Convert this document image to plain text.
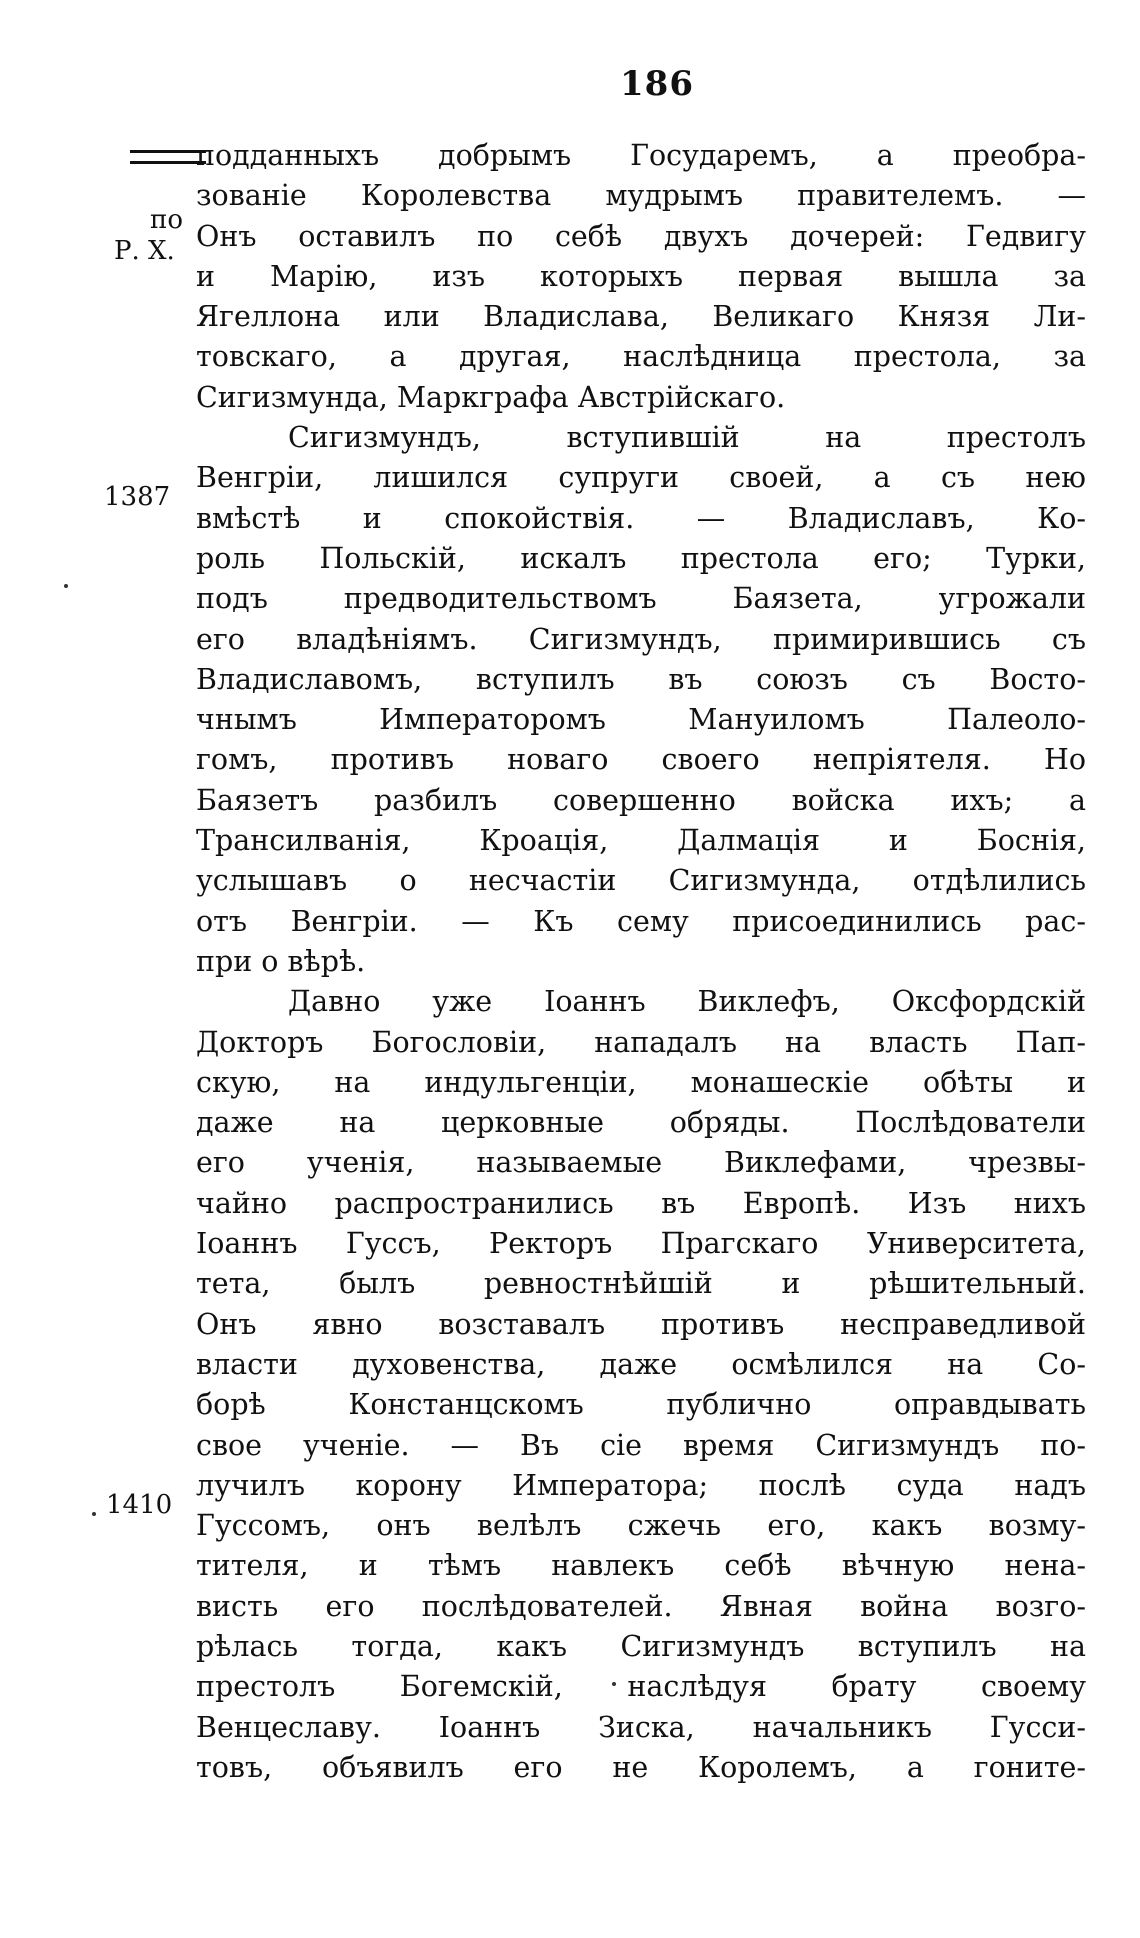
186
по
Р. Х.
1387
1410
подданныхъ добрымъ Государемъ, а преобра-
зованіе Королевства мудрымъ правителемъ. —
Онъ оставилъ по себѣ двухъ дочерей: Гедвигу
и Марію, изъ которыхъ первая вышла за
Ягеллона или Владислава, Великаго Князя Ли-
товскаго, а другая, наслѣдница престола, за
Сигизмунда, Маркграфа Австрійскаго.
Сигизмундъ, вступившій на престолъ
Венгріи, лишился супруги своей, а съ нею
вмѣстѣ и спокойствія. — Владиславъ, Ко-
роль Польскій, искалъ престола его; Турки,
подъ предводительствомъ Баязета, угрожали
его владѣніямъ. Сигизмундъ, примирившись съ
Владиславомъ, вступилъ въ союзъ съ Восто-
чнымъ Императоромъ Мануиломъ Палеоло-
гомъ, противъ новаго своего непріятеля. Но
Баязетъ разбилъ совершенно войска ихъ; а
Трансилванія, Кроація, Далмація и Боснія,
услышавъ о несчастіи Сигизмунда, отдѣлились
отъ Венгріи. — Къ сему присоединились рас-
при о вѣрѣ.
Давно уже Іоаннъ Виклефъ, Оксфордскій
Докторъ Богословіи, нападалъ на власть Пап-
скую, на индульгенціи, монашескіе обѣты и
даже на церковные обряды. Послѣдователи
его ученія, называемые Виклефами, чрезвы-
чайно распространились въ Европѣ. Изъ нихъ
Іоаннъ Гуссъ, Ректоръ Прагскаго Университета,
тета, былъ ревностнѣйшій и рѣшительный.
Онъ явно возставалъ противъ несправедливой
власти духовенства, даже осмѣлился на Со-
борѣ Констанцскомъ публично оправдывать
свое ученіе. — Въ сіе время Сигизмундъ по-
лучилъ корону Императора; послѣ суда надъ
Гуссомъ, онъ велѣлъ сжечь его, какъ возму-
тителя, и тѣмъ навлекъ себѣ вѣчную нена-
висть его послѣдователей. Явная война возго-
рѣлась тогда, какъ Сигизмундъ вступилъ на
престолъ Богемскій, наслѣдуя брату своему
Венцеславу. Іоаннъ Зиска, начальникъ Гусси-
товъ, объявилъ его не Королемъ, а гоните-
